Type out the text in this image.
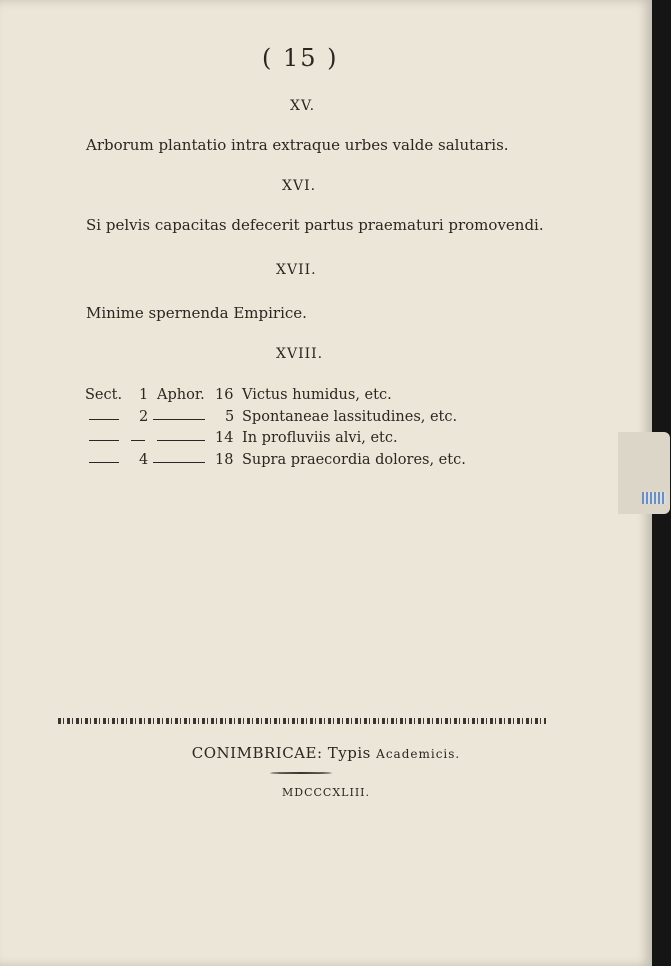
( 15 )
XV.
Arborum plantatio intra extraque urbes valde salutaris.
XVI.
Si pelvis capacitas defecerit partus praematuri promovendi.
XVII.
Minime spernenda Empirice.
XVIII.
Sect. 1 Aphor. 16 Victus humidus, etc.
2	5 Spontaneae lassitudines, etc.
14 In profluviis alvi, etc.
4	18 Supra praecordia dolores, etc.
CONIMBRICAE: Typis Academicis.
MDCCCXLIII.
